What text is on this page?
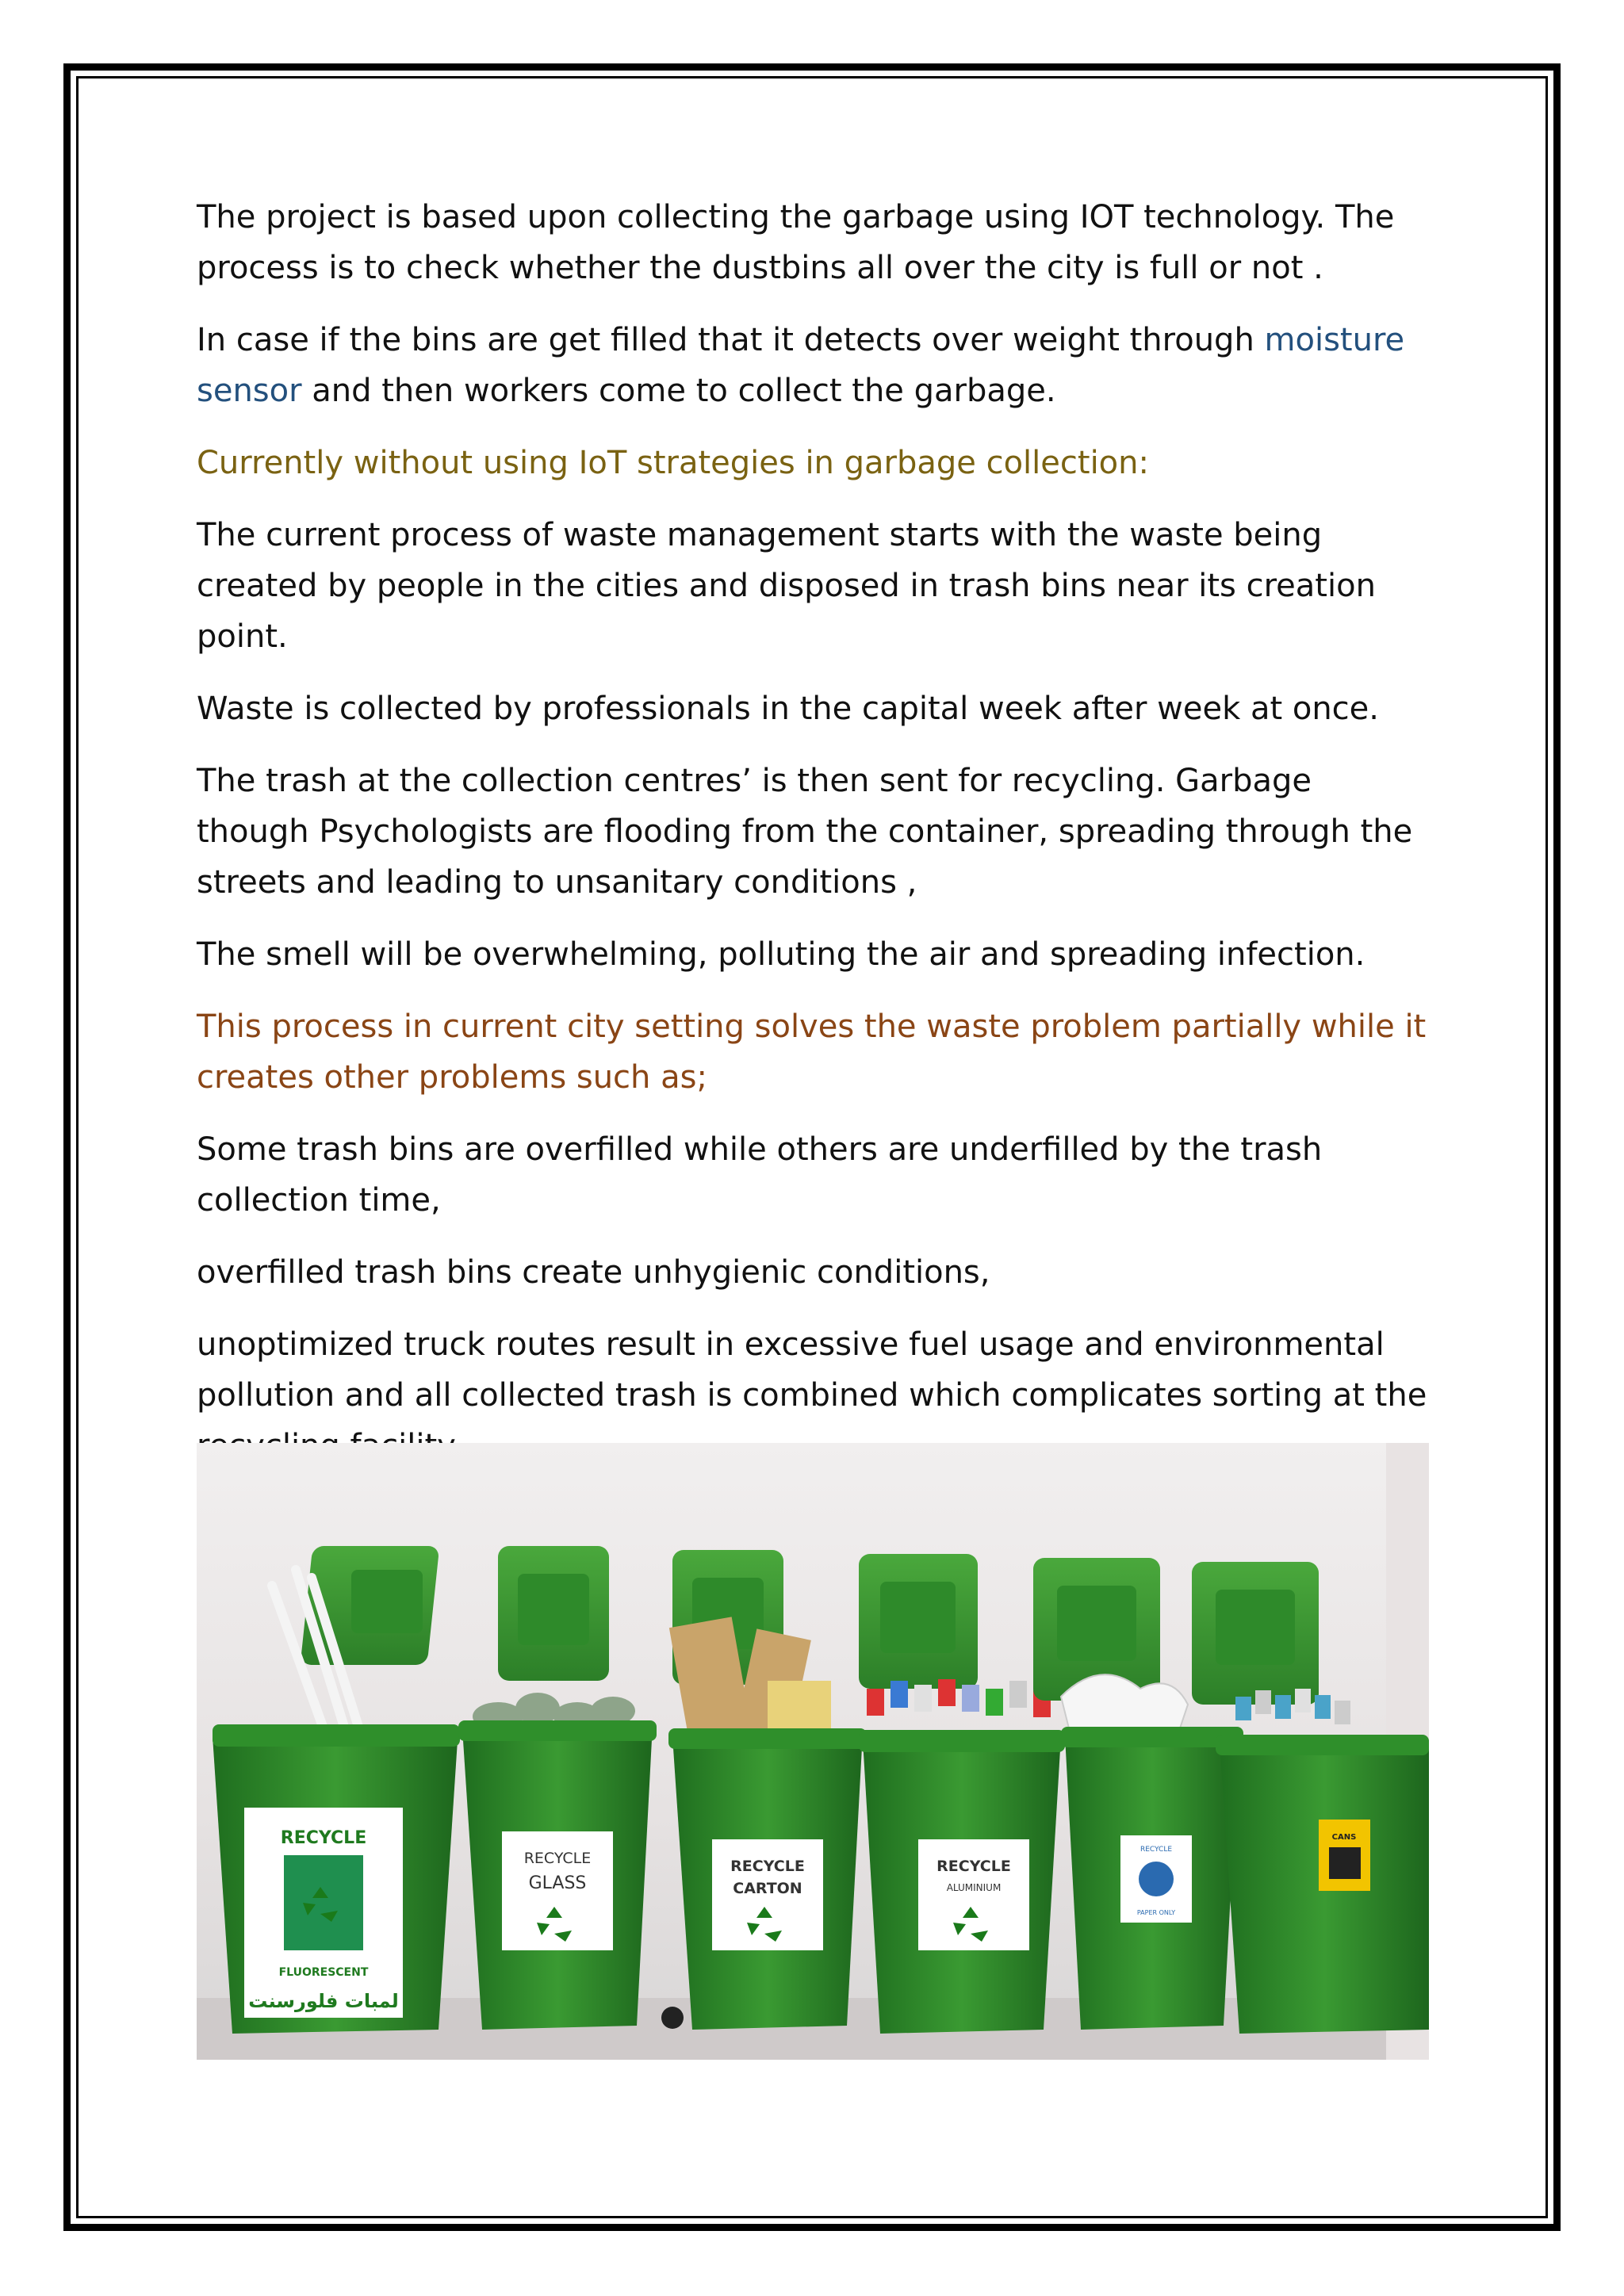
The project is based upon collecting the garbage using IOT technology. The process is to check whether the dustbins all over the city is full or not .

In case if the bins are get filled that it detects over weight through moisture sensor and then workers come to collect the garbage.

Currently without using IoT strategies in garbage collection:

The current process of waste management starts with the waste being created by people in the cities and disposed in trash bins near its creation point.

Waste is collected by professionals in the capital week after week at once.

The trash at the collection centres’ is then sent for recycling. Garbage though Psychologists are flooding from the container, spreading through the streets and leading to unsanitary conditions ,

The smell will be overwhelming, polluting the air and spreading infection.

This process in current city setting solves the waste problem partially while it creates other problems such as;

Some trash bins are overfilled while others are underfilled by the trash collection time,

overfilled trash bins create unhygienic conditions,

unoptimized truck routes result in excessive fuel usage and environmental pollution and all collected trash is combined which complicates sorting at the

RECYCLE
FLUORESCENT
لمبات فلورسنت
RECYCLE
GLASS
RECYCLE
CARTON
RECYCLE
ALUMINIUM
RECYCLE
PAPER ONLY
CANS
